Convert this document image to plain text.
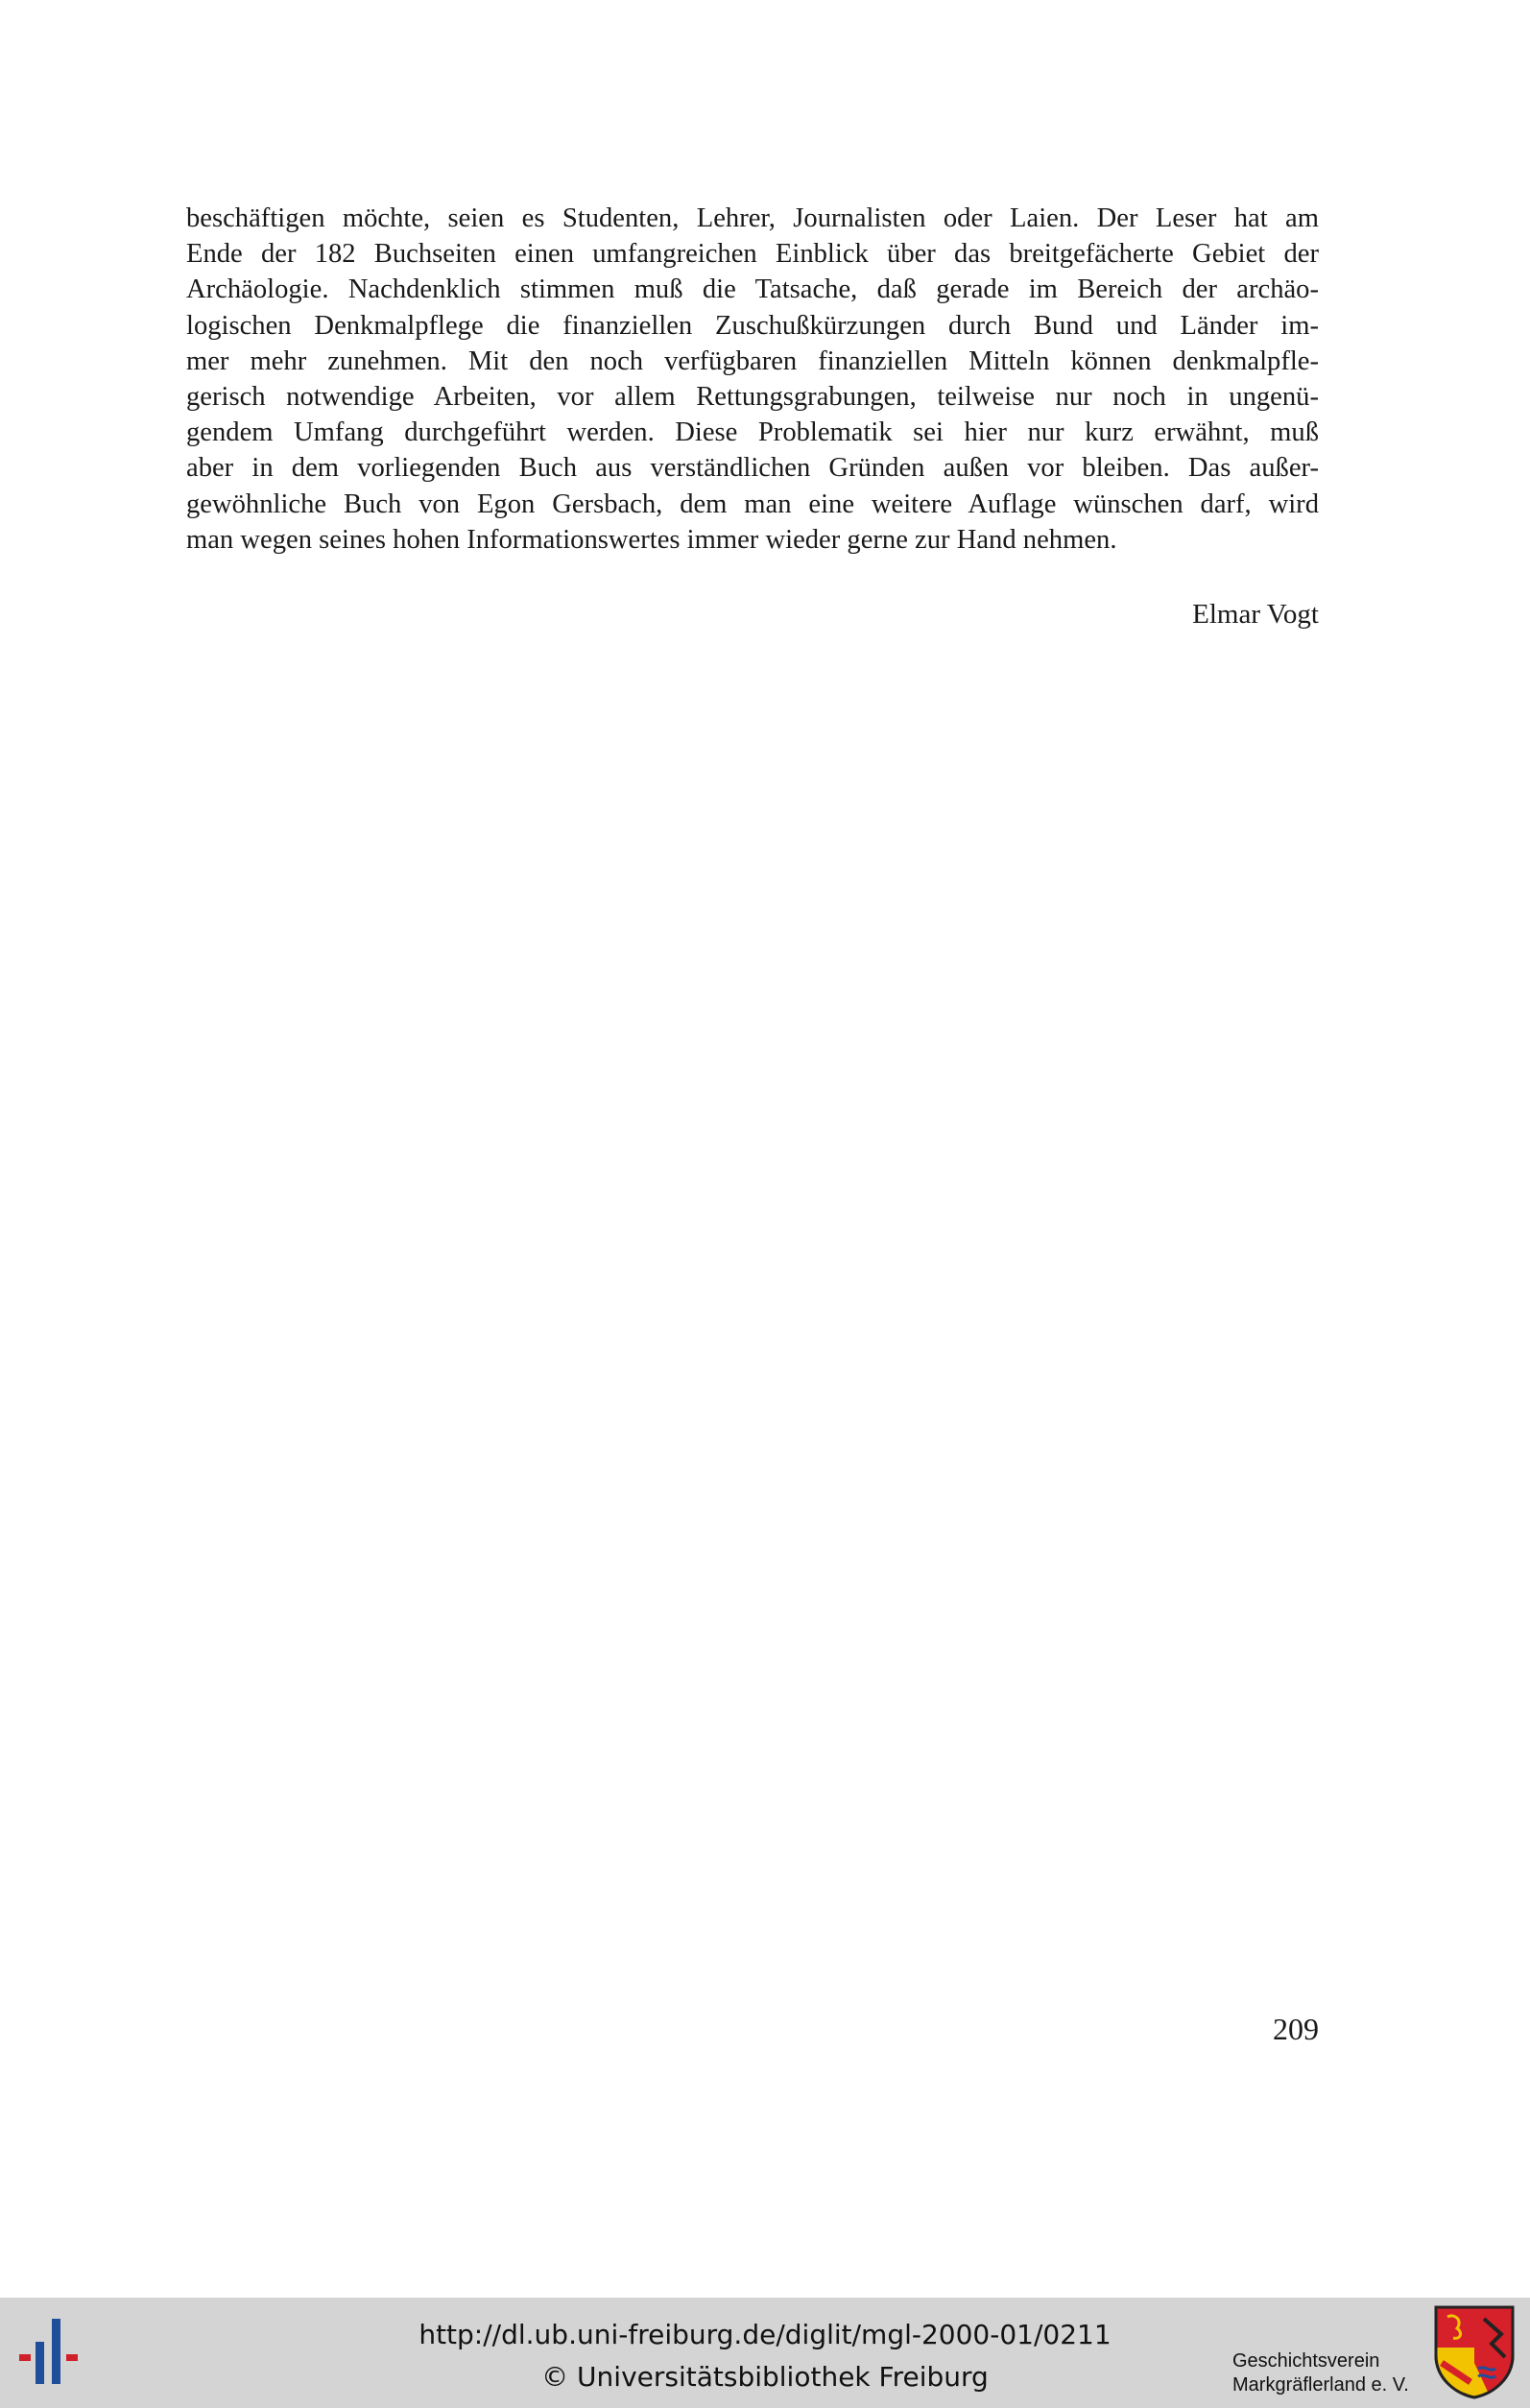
beschäftigen möchte, seien es Studenten, Lehrer, Journalisten oder Laien. Der Leser hat am
Ende der 182 Buchseiten einen umfangreichen Einblick über das breitgefächerte Gebiet der
Archäologie. Nachdenklich stimmen muß die Tatsache, daß gerade im Bereich der archäo-
logischen Denkmalpflege die finanziellen Zuschußkürzungen durch Bund und Länder im-
mer mehr zunehmen. Mit den noch verfügbaren finanziellen Mitteln können denkmalpfle-
gerisch notwendige Arbeiten, vor allem Rettungsgrabungen, teilweise nur noch in ungenü-
gendem Umfang durchgeführt werden. Diese Problematik sei hier nur kurz erwähnt, muß
aber in dem vorliegenden Buch aus verständlichen Gründen außen vor bleiben. Das außer-
gewöhnliche Buch von Egon Gersbach, dem man eine weitere Auflage wünschen darf, wird
man wegen seines hohen Informationswertes immer wieder gerne zur Hand nehmen.

Elmar Vogt

209

http://dl.ub.uni-freiburg.de/diglit/mgl-2000-01/0211

© Universitätsbibliothek Freiburg	Geschichtsverein
Markgräflerland e. V.
